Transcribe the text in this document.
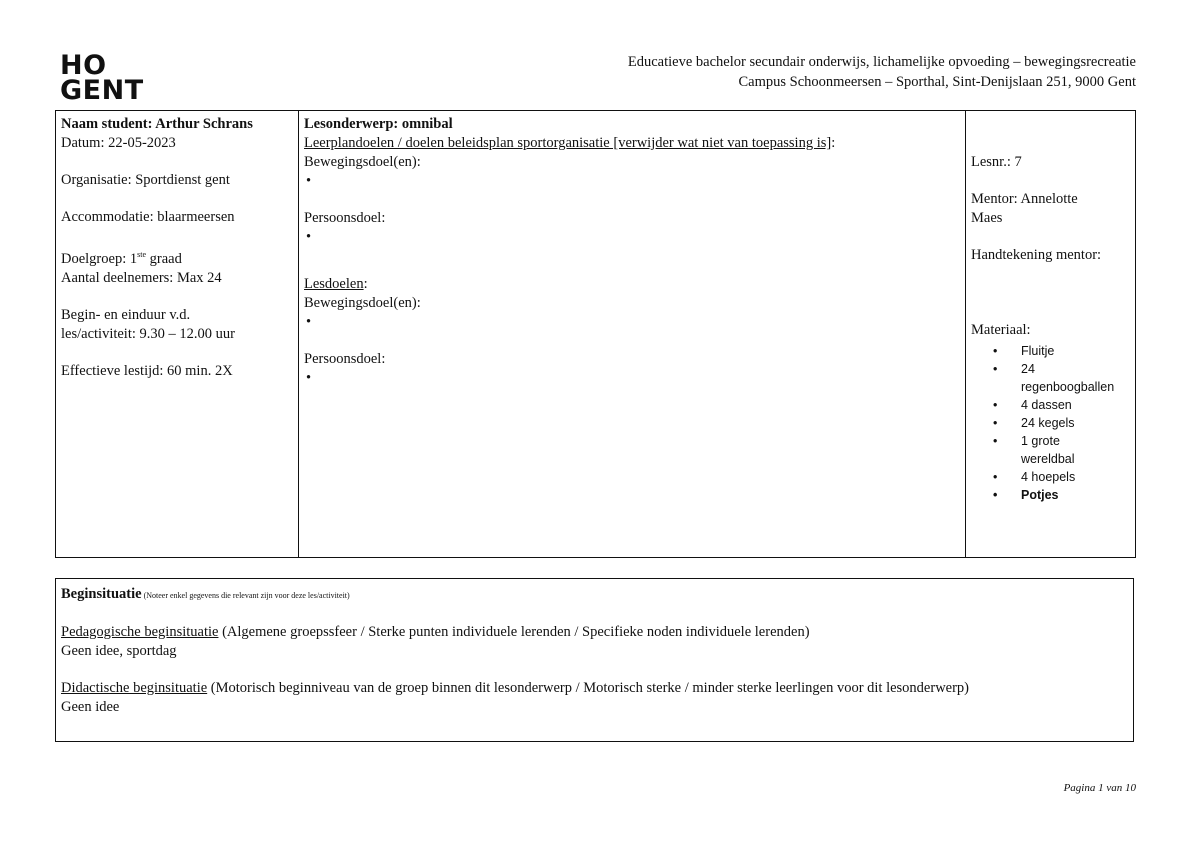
HO
GENT
Educatieve bachelor secundair onderwijs, lichamelijke opvoeding – bewegingsrecreatie
Campus Schoonmeersen – Sporthal, Sint-Denijslaan 251, 9000 Gent
Naam student: Arthur Schrans
Datum: 22-05-2023
Organisatie: Sportdienst gent
Accommodatie: blaarmeersen
Doelgroep: 1ste graad
Aantal deelnemers: Max 24
Begin- en einduur v.d.
les/activiteit: 9.30 – 12.00 uur
Effectieve lestijd: 60 min. 2X

Lesonderwerp: omnibal
Leerplandoelen / doelen beleidsplan sportorganisatie [verwijder wat niet van toepassing is]:
Bewegingsdoel(en):
•
Persoonsdoel:
•
Lesdoelen:
Bewegingsdoel(en):
•
Persoonsdoel:
•

Lesnr.: 7
Mentor: Annelotte
Maes
Handtekening mentor:
Materiaal:
• Fluitje
• 24
regenboogballen
• 4 dassen
• 24 kegels
• 1 grote
wereldbal
• 4 hoepels
• Potjes
Beginsituatie (Noteer enkel gegevens die relevant zijn voor deze les/activiteit)
Pedagogische beginsituatie (Algemene groepssfeer / Sterke punten individuele lerenden / Specifieke noden individuele lerenden)
Geen idee, sportdag
Didactische beginsituatie (Motorisch beginniveau van de groep binnen dit lesonderwerp / Motorisch sterke / minder sterke leerlingen voor dit lesonderwerp)
Geen idee
Pagina 1 van 10
